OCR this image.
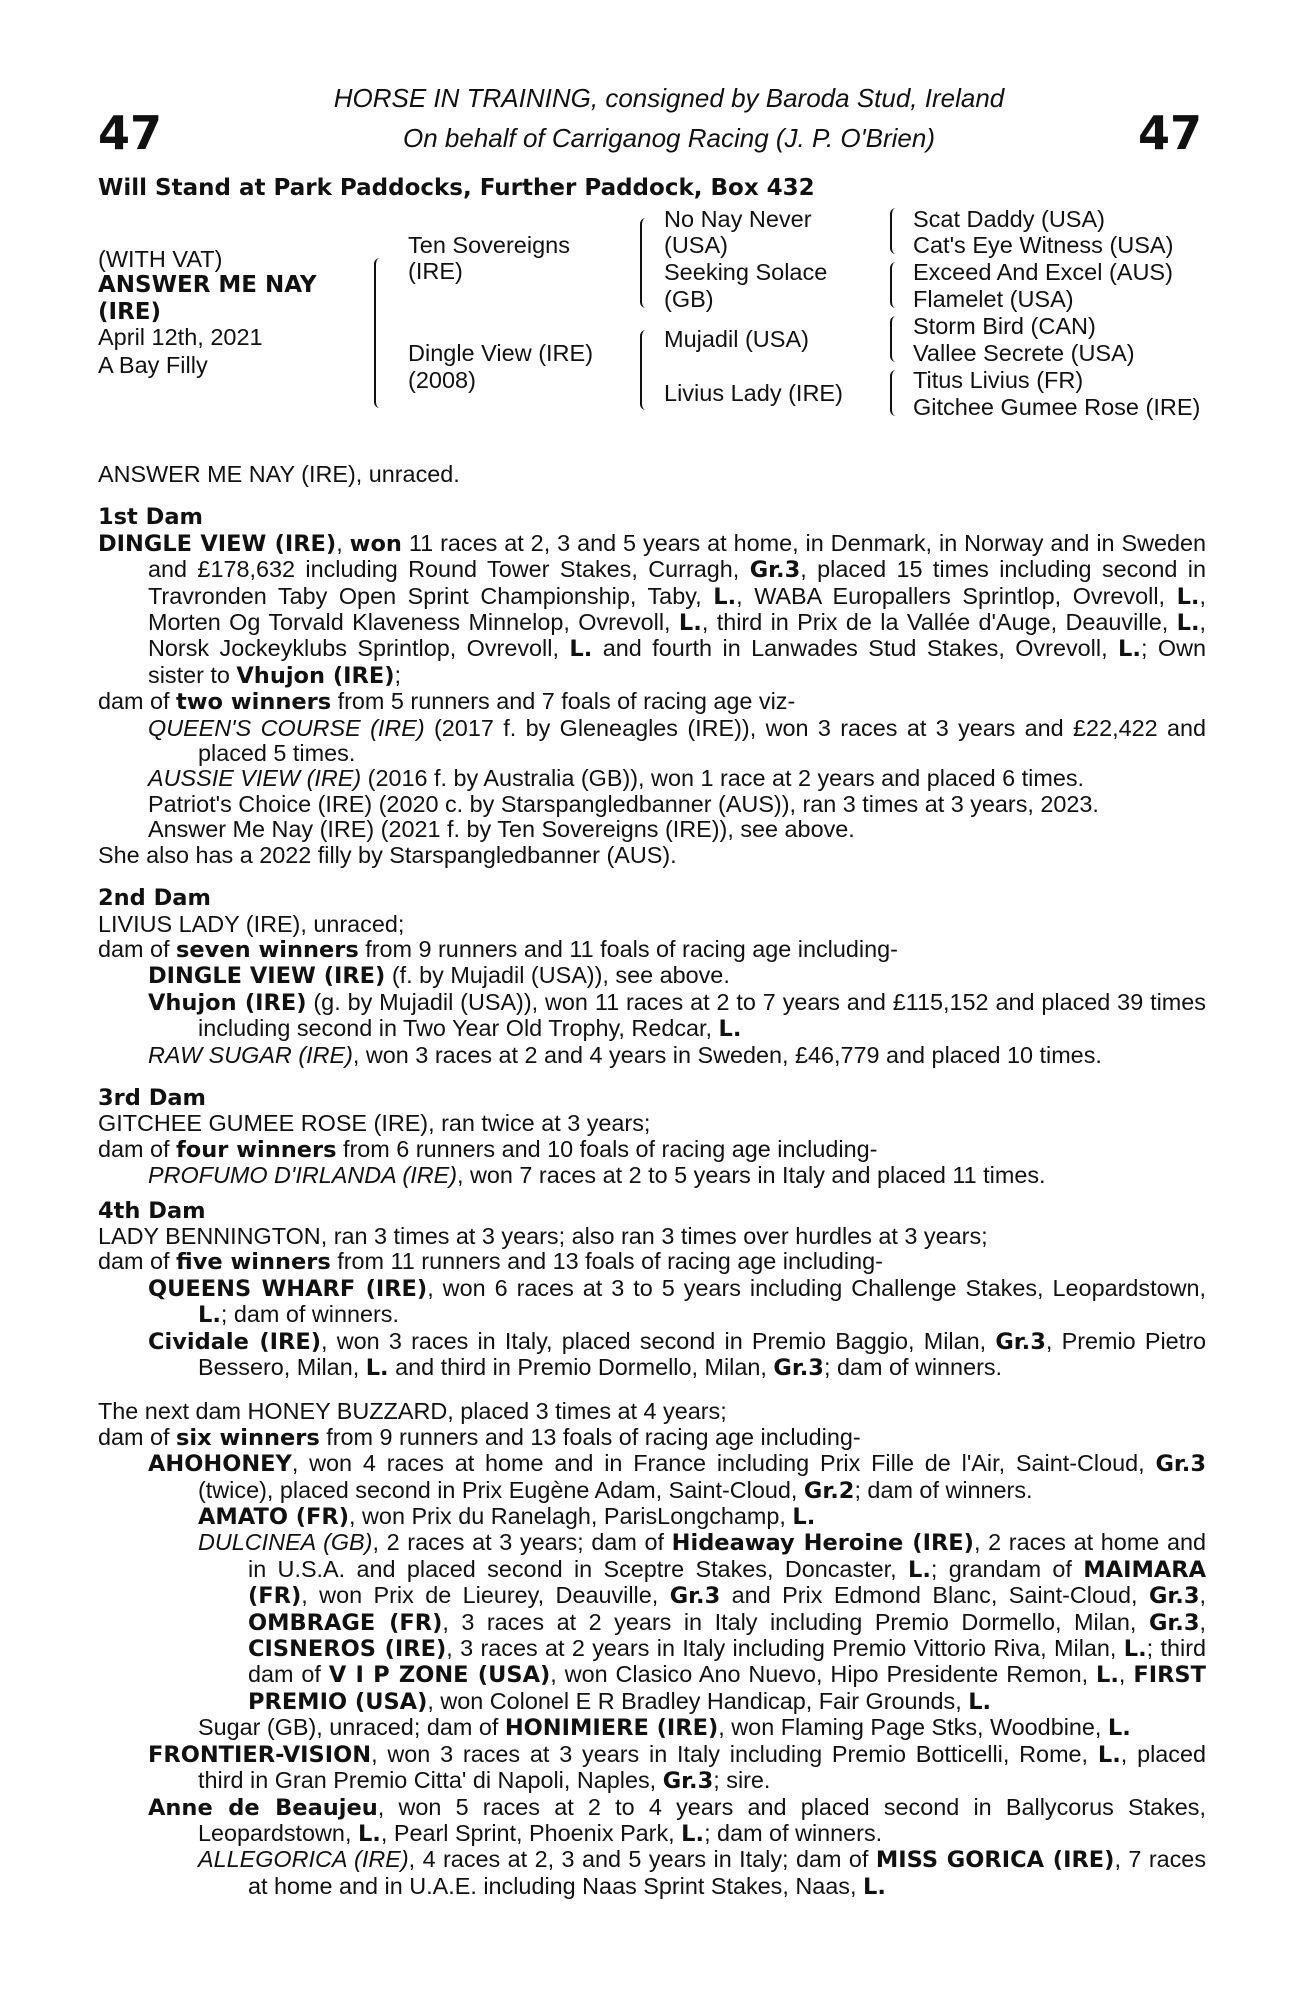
47	47
HORSE IN TRAINING, consigned by Baroda Stud, Ireland
On behalf of Carriganog Racing (J. P. O'Brien)
Will Stand at Park Paddocks, Further Paddock, Box 432
(WITH VAT)
ANSWER ME NAY
(IRE)
April 12th, 2021
A Bay Filly
Ten Sovereigns
(IRE)
Dingle View (IRE)
(2008)
No Nay Never
(USA)
Seeking Solace
(GB)
Mujadil (USA)
Livius Lady (IRE)
Scat Daddy (USA)
Cat's Eye Witness (USA)
Exceed And Excel (AUS)
Flamelet (USA)
Storm Bird (CAN)
Vallee Secrete (USA)
Titus Livius (FR)
Gitchee Gumee Rose (IRE)

ANSWER ME NAY (IRE), unraced.

1st Dam

DINGLE VIEW (IRE), won 11 races at 2, 3 and 5 years at home, in Denmark, in Norway and in Sweden and £178,632 including Round Tower Stakes, Curragh, Gr.3, placed 15 times including second in Travronden Taby Open Sprint Championship, Taby, L., WABA Europallers Sprintlop, Ovrevoll, L., Morten Og Torvald Klaveness Minnelop, Ovrevoll, L., third in Prix de la Vallée d'Auge, Deauville, L., Norsk Jockeyklubs Sprintlop, Ovrevoll, L. and fourth in Lanwades Stud Stakes, Ovrevoll, L.; Own sister to Vhujon (IRE);

dam of two winners from 5 runners and 7 foals of racing age viz-

QUEEN'S COURSE (IRE) (2017 f. by Gleneagles (IRE)), won 3 races at 3 years and £22,422 and placed 5 times.

AUSSIE VIEW (IRE) (2016 f. by Australia (GB)), won 1 race at 2 years and placed 6 times.

Patriot's Choice (IRE) (2020 c. by Starspangledbanner (AUS)), ran 3 times at 3 years, 2023.

Answer Me Nay (IRE) (2021 f. by Ten Sovereigns (IRE)), see above.

She also has a 2022 filly by Starspangledbanner (AUS).

2nd Dam

LIVIUS LADY (IRE), unraced;

dam of seven winners from 9 runners and 11 foals of racing age including-

DINGLE VIEW (IRE) (f. by Mujadil (USA)), see above.

Vhujon (IRE) (g. by Mujadil (USA)), won 11 races at 2 to 7 years and £115,152 and placed 39 times including second in Two Year Old Trophy, Redcar, L.

RAW SUGAR (IRE), won 3 races at 2 and 4 years in Sweden, £46,779 and placed 10 times.

3rd Dam

GITCHEE GUMEE ROSE (IRE), ran twice at 3 years;

dam of four winners from 6 runners and 10 foals of racing age including-

PROFUMO D'IRLANDA (IRE), won 7 races at 2 to 5 years in Italy and placed 11 times.

4th Dam

LADY BENNINGTON, ran 3 times at 3 years; also ran 3 times over hurdles at 3 years;

dam of five winners from 11 runners and 13 foals of racing age including-

QUEENS WHARF (IRE), won 6 races at 3 to 5 years including Challenge Stakes, Leopardstown, L.; dam of winners.

Cividale (IRE), won 3 races in Italy, placed second in Premio Baggio, Milan, Gr.3, Premio Pietro Bessero, Milan, L. and third in Premio Dormello, Milan, Gr.3; dam of winners.

The next dam HONEY BUZZARD, placed 3 times at 4 years;

dam of six winners from 9 runners and 13 foals of racing age including-

AHOHONEY, won 4 races at home and in France including Prix Fille de l'Air, Saint-Cloud, Gr.3 (twice), placed second in Prix Eugène Adam, Saint-Cloud, Gr.2; dam of winners.

AMATO (FR), won Prix du Ranelagh, ParisLongchamp, L.

DULCINEA (GB), 2 races at 3 years; dam of Hideaway Heroine (IRE), 2 races at home and in U.S.A. and placed second in Sceptre Stakes, Doncaster, L.; grandam of MAIMARA (FR), won Prix de Lieurey, Deauville, Gr.3 and Prix Edmond Blanc, Saint-Cloud, Gr.3, OMBRAGE (FR), 3 races at 2 years in Italy including Premio Dormello, Milan, Gr.3, CISNEROS (IRE), 3 races at 2 years in Italy including Premio Vittorio Riva, Milan, L.; third dam of V I P ZONE (USA), won Clasico Ano Nuevo, Hipo Presidente Remon, L., FIRST PREMIO (USA), won Colonel E R Bradley Handicap, Fair Grounds, L.

Sugar (GB), unraced; dam of HONIMIERE (IRE), won Flaming Page Stks, Woodbine, L.

FRONTIER-VISION, won 3 races at 3 years in Italy including Premio Botticelli, Rome, L., placed third in Gran Premio Citta' di Napoli, Naples, Gr.3; sire.

Anne de Beaujeu, won 5 races at 2 to 4 years and placed second in Ballycorus Stakes, Leopardstown, L., Pearl Sprint, Phoenix Park, L.; dam of winners.

ALLEGORICA (IRE), 4 races at 2, 3 and 5 years in Italy; dam of MISS GORICA (IRE), 7 races at home and in U.A.E. including Naas Sprint Stakes, Naas, L.
